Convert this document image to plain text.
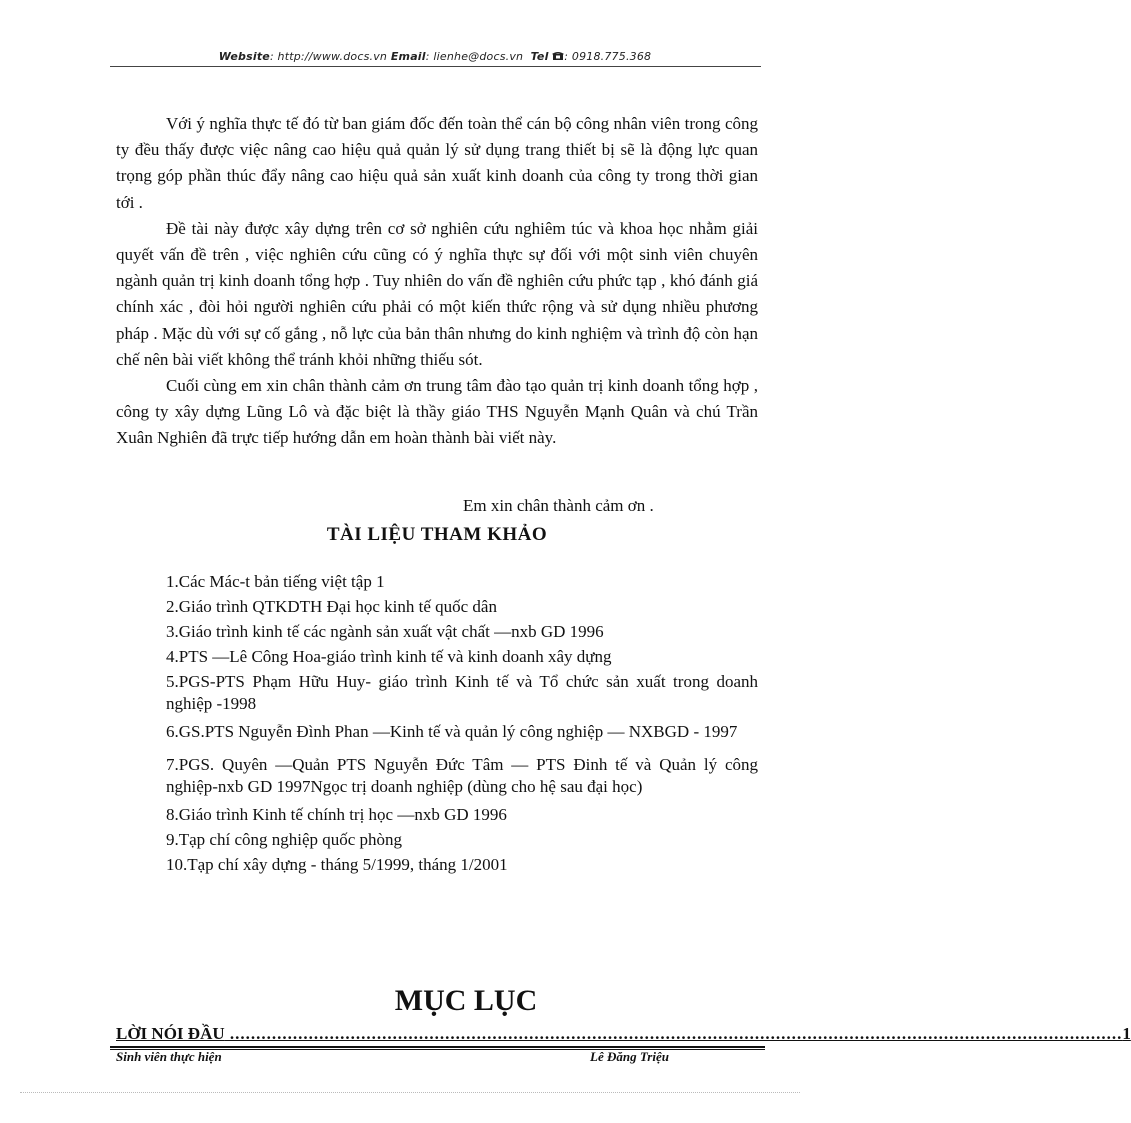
Website: http://www.docs.vn Email: lienhe@docs.vn Tel : 0918.775.368

Với ý nghĩa thực tế đó từ ban giám đốc đến toàn thể cán bộ công nhân viên trong công ty đều thấy được việc nâng cao hiệu quả quản lý sử dụng trang thiết bị sẽ là động lực quan trọng góp phần thúc đẩy nâng cao hiệu quả sản xuất kinh doanh của công ty trong thời gian tới .

Đề tài này được xây dựng trên cơ sở nghiên cứu nghiêm túc và khoa học nhằm giải quyết vấn đề trên , việc nghiên cứu cũng có ý nghĩa thực sự đối với một sinh viên chuyên ngành quản trị kinh doanh tổng hợp . Tuy nhiên do vấn đề nghiên cứu phức tạp , khó đánh giá chính xác , đòi hỏi người nghiên cứu phải có một kiến thức rộng và sử dụng nhiều phương pháp . Mặc dù với sự cố gắng , nỗ lực của bản thân nhưng do kinh nghiệm và trình độ còn hạn chế nên bài viết không thể tránh khỏi những thiếu sót.

Cuối cùng em xin chân thành cảm ơn trung tâm đào tạo quản trị kinh doanh tổng hợp , công ty xây dựng Lũng Lô và đặc biệt là thầy giáo THS Nguyễn Mạnh Quân và chú Trần Xuân Nghiên đã trực tiếp hướng dẫn em hoàn thành bài viết này.

Em xin chân thành cảm ơn .
TÀI LIỆU THAM KHẢO

1.Các Mác-t bản tiếng việt tập 1

2.Giáo trình QTKDTH Đại học kinh tế quốc dân

3.Giáo trình kinh tế các ngành sản xuất vật chất —nxb GD 1996

4.PTS —Lê Công Hoa-giáo trình kinh tế và kinh doanh xây dựng

5.PGS-PTS Phạm Hữu Huy- giáo trình Kinh tế và Tổ chức sản xuất trong doanh nghiệp -1998

6.GS.PTS Nguyễn Đình Phan —Kinh tế và quản lý công nghiệp — NXBGD - 1997

7.PGS. Quyên —Quản PTS Nguyễn Đức Tâm — PTS Đinh tế và Quản lý công nghiệp-nxb GD 1997Ngọc trị doanh nghiệp (dùng cho hệ sau đại học)

8.Giáo trình Kinh tế chính trị học —nxb GD 1996

9.Tạp chí công nghiệp quốc phòng

10.Tạp chí xây dựng - tháng 5/1999, tháng 1/2001

MỤC LỤC
LỜI NÓI ĐẦU .......................................................................................................................................................................... 1
Sinh viên thực hiện	Lê Đăng Triệu
